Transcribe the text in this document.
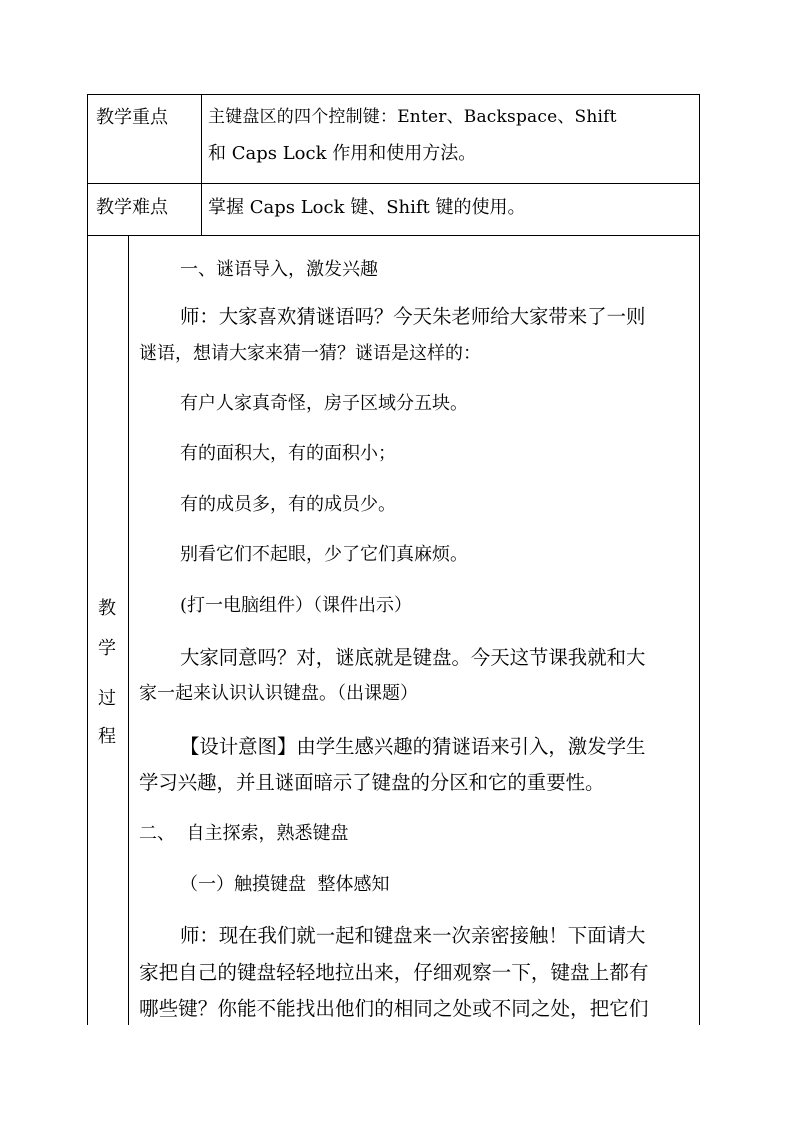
教学重点 主键盘区的四个控制键：Enter、Backspace、Shift
和 Caps Lock 作用和使用方法。
教学难点 掌握 Caps Lock 键、Shift 键的使用。
教
学
过
程
一、谜语导入，激发兴趣
师：大家喜欢猜谜语吗？今天朱老师给大家带来了一则
谜语，想请大家来猜一猜？谜语是这样的：
有户人家真奇怪，房子区域分五块。
有的面积大，有的面积小；
有的成员多，有的成员少。
别看它们不起眼，少了它们真麻烦。
(打一电脑组件）（课件出示）
大家同意吗？对，谜底就是键盘。今天这节课我就和大
家一起来认识认识键盘。（出课题）
【设计意图】由学生感兴趣的猜谜语来引入，激发学生
学习兴趣，并且谜面暗示了键盘的分区和它的重要性。
二、  自主探索，熟悉键盘
（一）触摸键盘  整体感知
师：现在我们就一起和键盘来一次亲密接触！下面请大
家把自己的键盘轻轻地拉出来，仔细观察一下，键盘上都有
哪些键？你能不能找出他们的相同之处或不同之处，把它们
